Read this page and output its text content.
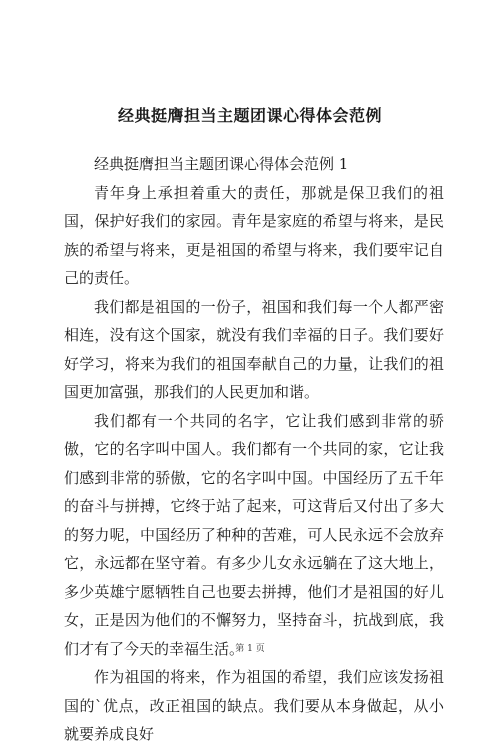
经典挺膺担当主题团课心得体会范例

经典挺膺担当主题团课心得体会范例 1

青年身上承担着重大的责任，那就是保卫我们的祖国，保护好我们的家园。青年是家庭的希望与将来，是民族的希望与将来，更是祖国的希望与将来，我们要牢记自己的责任。

我们都是祖国的一份子，祖国和我们每一个人都严密相连，没有这个国家，就没有我们幸福的日子。我们要好好学习，将来为我们的祖国奉献自己的力量，让我们的祖国更加富强，那我们的人民更加和谐。

我们都有一个共同的名字，它让我们感到非常的骄傲，它的名字叫中国人。我们都有一个共同的家，它让我们感到非常的骄傲，它的名字叫中国。中国经历了五千年的奋斗与拼搏，它终于站了起来，可这背后又付出了多大的努力呢，中国经历了种种的苦难，可人民永远不会放弃它，永远都在坚守着。有多少儿女永远躺在了这大地上，多少英雄宁愿牺牲自己也要去拼搏，他们才是祖国的好儿女，正是因为他们的不懈努力，坚持奋斗，抗战到底，我们才有了今天的幸福生活。

作为祖国的将来，作为祖国的希望，我们应该发扬祖国的`优点，改正祖国的缺点。我们要从本身做起，从小就要养成良好

第 1 页
